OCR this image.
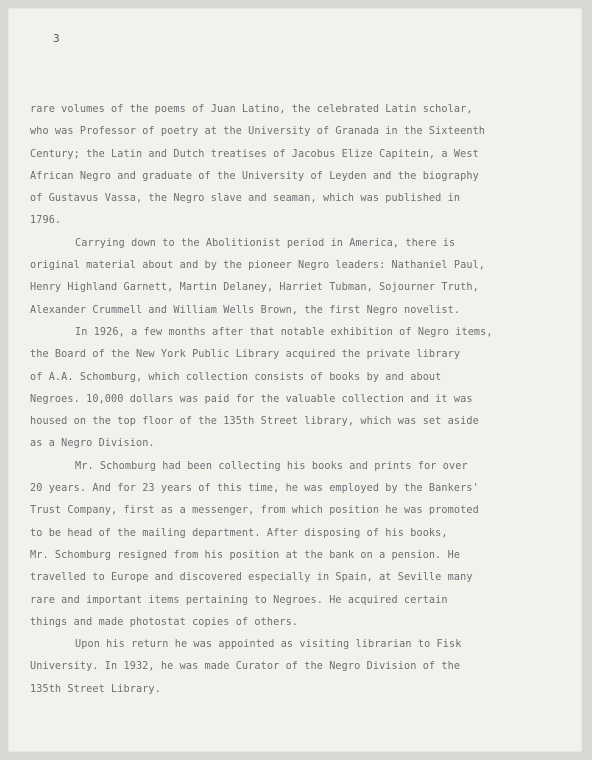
3
rare volumes of the poems of Juan Latino, the celebrated Latin scholar,
who was Professor of poetry at the University of Granada in the Sixteenth
Century; the Latin and Dutch treatises of Jacobus Elize Capitein, a West
African Negro and graduate of the University of Leyden and the biography
of Gustavus Vassa, the Negro slave and seaman, which was published in
1796.
Carrying down to the Abolitionist period in America, there is
original material about and by the pioneer Negro leaders: Nathaniel Paul,
Henry Highland Garnett, Martin Delaney, Harriet Tubman, Sojourner Truth,
Alexander Crummell and William Wells Brown, the first Negro novelist.
In 1926, a few months after that notable exhibition of Negro items,
the Board of the New York Public Library acquired the private library
of A.A. Schomburg, which collection consists of books by and about
Negroes. 10,000 dollars was paid for the valuable collection and it was
housed on the top floor of the 135th Street library, which was set aside
as a Negro Division.
Mr. Schomburg had been collecting his books and prints for over
20 years. And for 23 years of this time, he was employed by the Bankers'
Trust Company, first as a messenger, from which position he was promoted
to be head of the mailing department. After disposing of his books,
Mr. Schomburg resigned from his position at the bank on a pension. He
travelled to Europe and discovered especially in Spain, at Seville many
rare and important items pertaining to Negroes. He acquired certain
things and made photostat copies of others.
Upon his return he was appointed as visiting librarian to Fisk
University. In 1932, he was made Curator of the Negro Division of the
135th Street Library.
